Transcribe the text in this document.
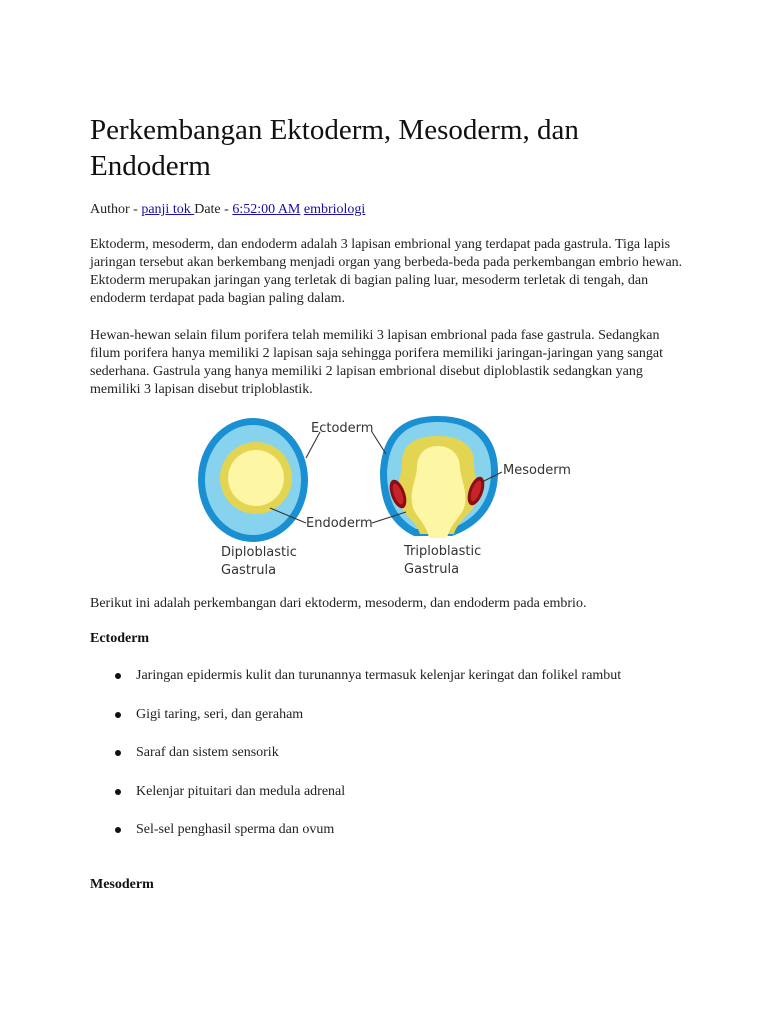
Perkembangan Ektoderm, Mesoderm, dan Endoderm
Author - panji tok Date - 6:52:00 AM embriologi

Ektoderm, mesoderm, dan endoderm adalah 3 lapisan embrional yang terdapat pada gastrula. Tiga lapis jaringan tersebut akan berkembang menjadi organ yang berbeda-beda pada perkembangan embrio hewan. Ektoderm merupakan jaringan yang terletak di bagian paling luar, mesoderm terletak di tengah, dan endoderm terdapat pada bagian paling dalam.

Hewan-hewan selain filum porifera telah memiliki 3 lapisan embrional pada fase gastrula. Sedangkan filum porifera hanya memiliki 2 lapisan saja sehingga porifera memiliki jaringan-jaringan yang sangat sederhana. Gastrula yang hanya memiliki 2 lapisan embrional disebut diploblastik sedangkan yang memiliki 3 lapisan disebut triploblastik.

Ectoderm
Mesoderm
Endoderm
Diploblastic
Gastrula
Triploblastic
Gastrula

Berikut ini adalah perkembangan dari ektoderm, mesoderm, dan endoderm pada embrio.

Ectoderm
Jaringan epidermis kulit dan turunannya termasuk kelenjar keringat dan folikel rambut
Gigi taring, seri, dan geraham
Saraf dan sistem sensorik
Kelenjar pituitari dan medula adrenal
Sel-sel penghasil sperma dan ovum
Mesoderm
